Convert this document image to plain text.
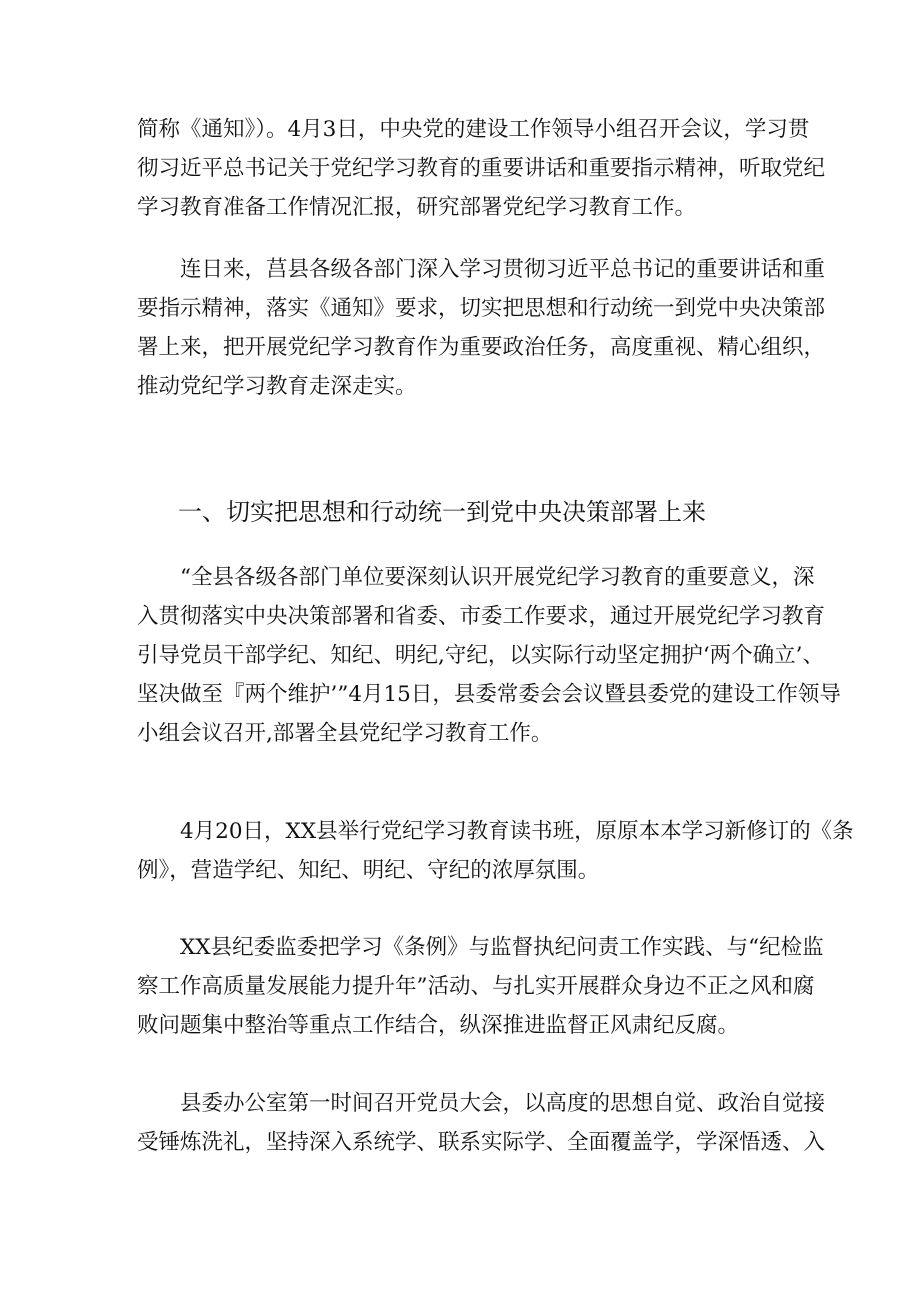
简称《通知》）。4月3日，中央党的建设工作领导小组召开会议，学习贯
彻习近平总书记关于党纪学习教育的重要讲话和重要指示精神，听取党纪
学习教育准备工作情况汇报，研究部署党纪学习教育工作。

连日来，莒县各级各部门深入学习贯彻习近平总书记的重要讲话和重
要指示精神，落实《通知》要求，切实把思想和行动统一到党中央决策部
署上来，把开展党纪学习教育作为重要政治任务，高度重视、精心组织，
推动党纪学习教育走深走实。

一、切实把思想和行动统一到党中央决策部署上来

“全县各级各部门单位要深刻认识开展党纪学习教育的重要意义，深
入贯彻落实中央决策部署和省委、市委工作要求，通过开展党纪学习教育
引导党员干部学纪、知纪、明纪,守纪，以实际行动坚定拥护‘两个确立’、
坚决做至『两个维护’”4月15日，县委常委会会议暨县委党的建设工作领导
小组会议召开,部署全县党纪学习教育工作。

4月20日，XX县举行党纪学习教育读书班，原原本本学习新修订的《条
例》，营造学纪、知纪、明纪、守纪的浓厚氛围。

XX县纪委监委把学习《条例》与监督执纪问责工作实践、与“纪检监
察工作高质量发展能力提升年”活动、与扎实开展群众身边不正之风和腐
败问题集中整治等重点工作结合，纵深推进监督正风肃纪反腐。

县委办公室第一时间召开党员大会，以高度的思想自觉、政治自觉接
受锤炼洗礼，坚持深入系统学、联系实际学、全面覆盖学，学深悟透、入
